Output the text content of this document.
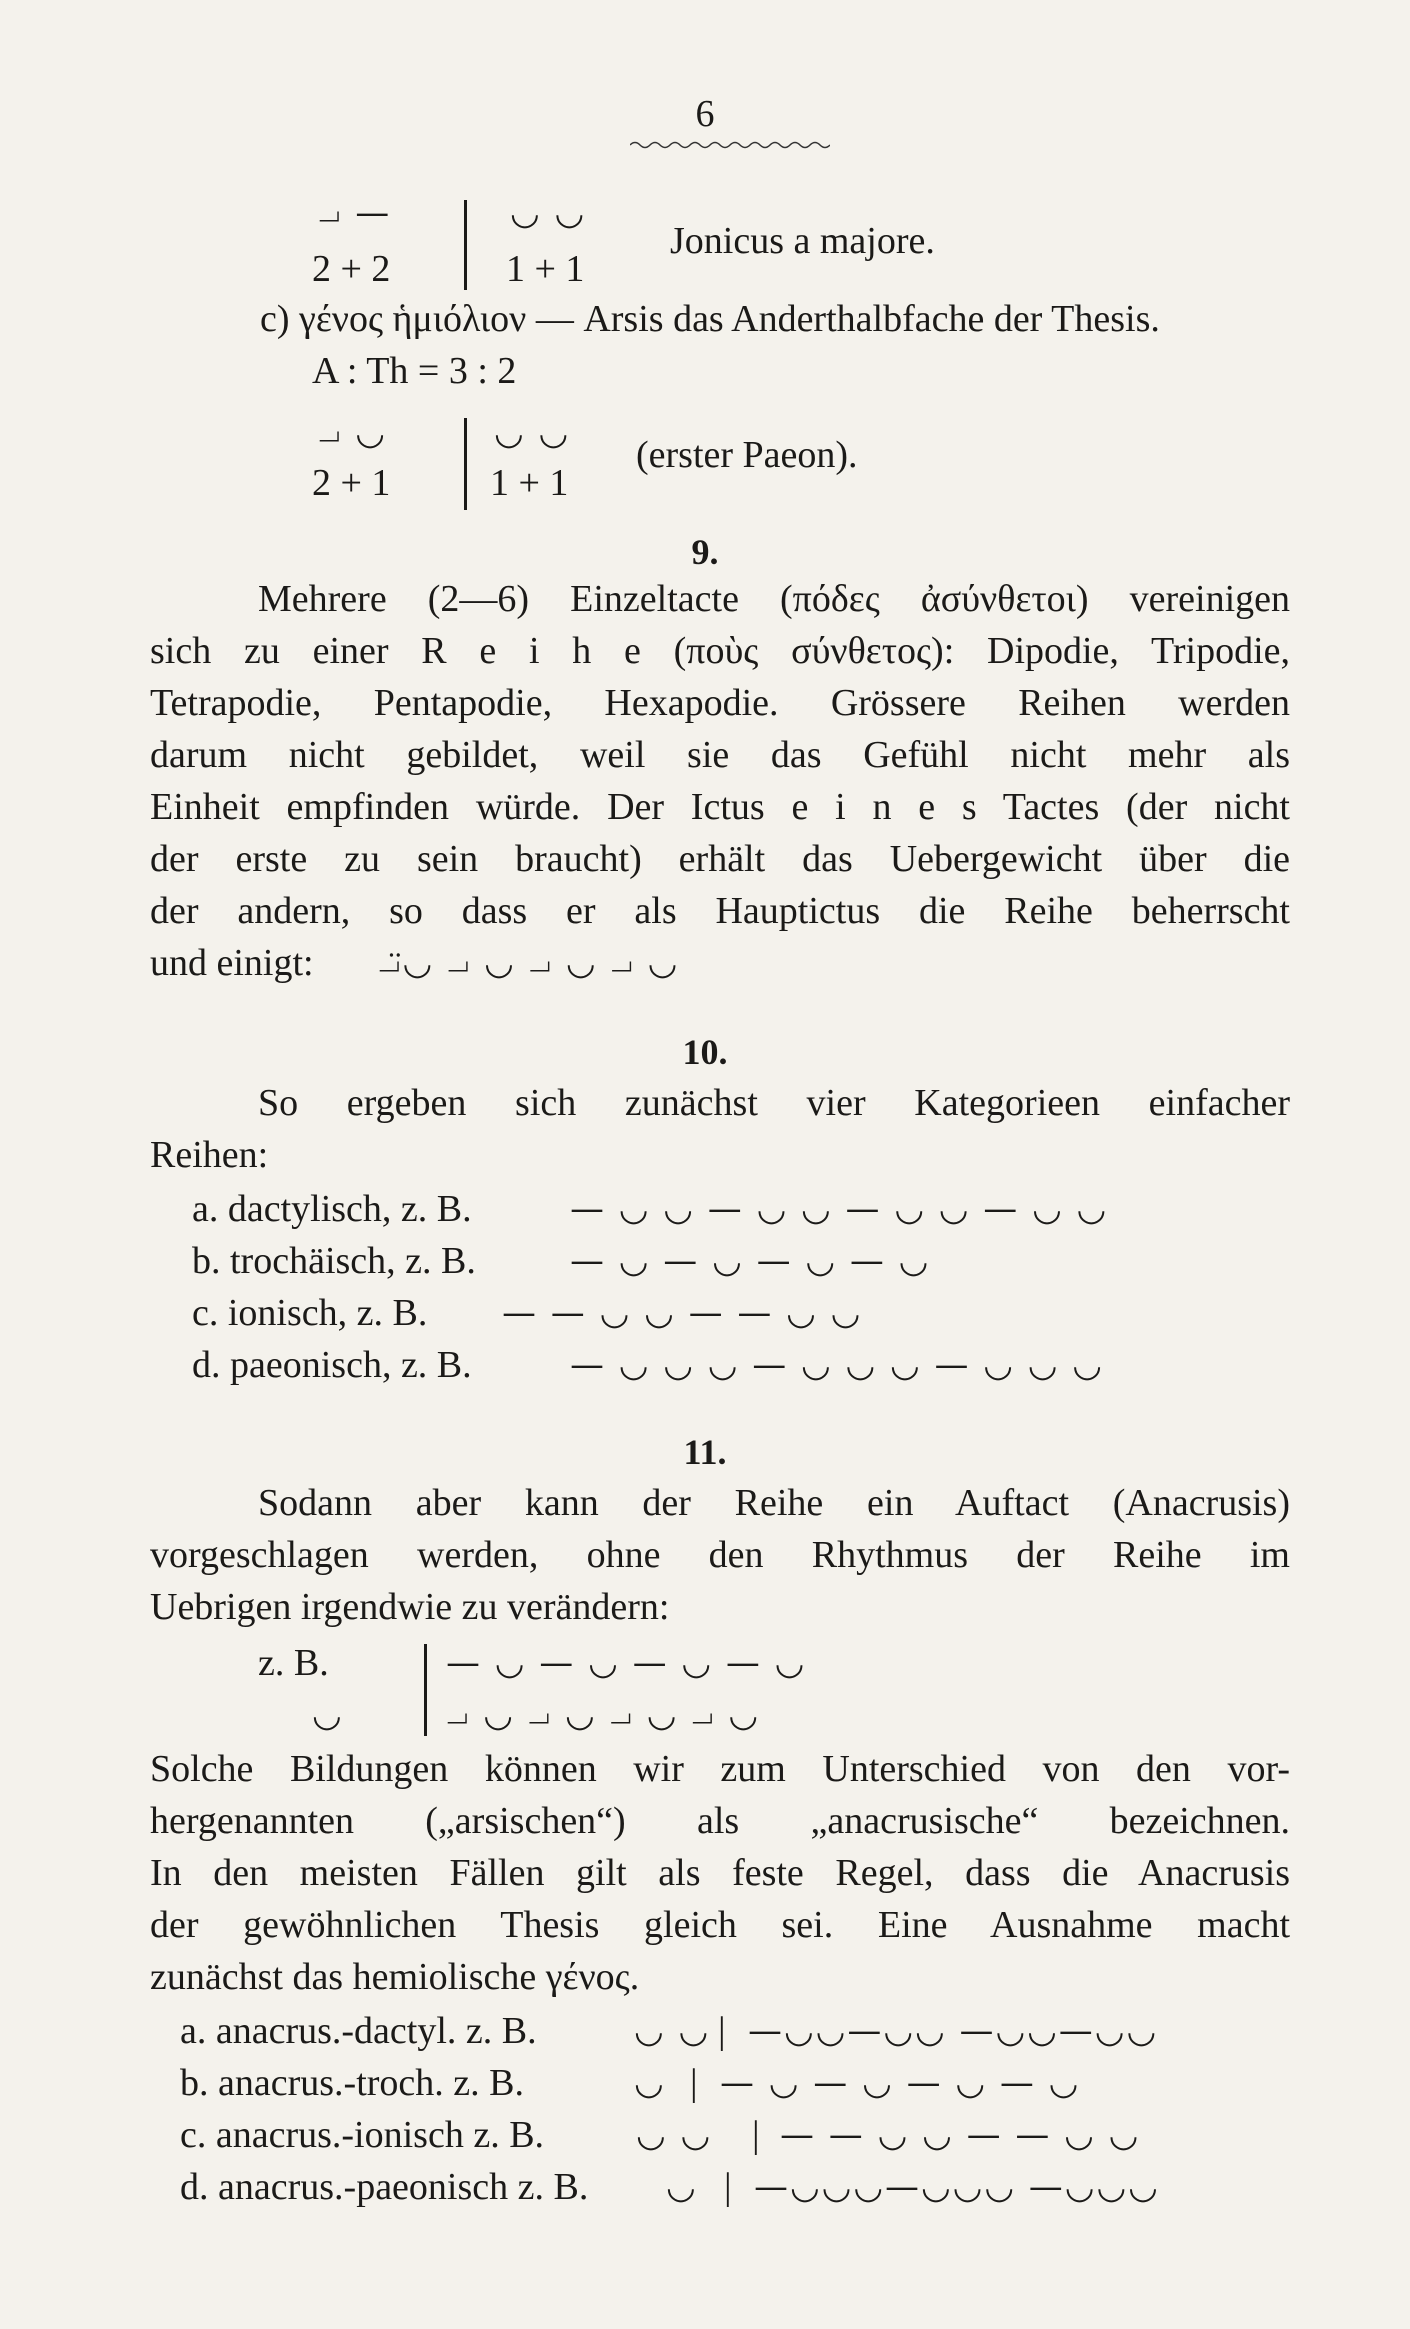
6
⏗ —
2 + 2
◡ ◡
1 + 1
Jonicus a majore.
c) γένος ἡμιόλιον — Arsis das Anderthalbfache der Thesis.
A : Th = 3 : 2
⏗ ◡
2 + 1
◡ ◡
1 + 1
(erster Paeon).
9.
Mehrere (2—6) Einzeltacte (πόδες ἀσύνθετοι) vereinigen
sich zu einer R e i h e (ποὺς σύνθετος): Dipodie, Tripodie,
Tetrapodie, Pentapodie, Hexapodie. Grössere Reihen werden
darum nicht gebildet, weil sie das Gefühl nicht mehr als
Einheit empfinden würde. Der Ictus e i n e s Tactes (der nicht
der erste zu sein braucht) erhält das Uebergewicht über die
der andern, so dass er als Hauptictus die Reihe beherrscht
und einigt: ⏗̈◡ ⏗ ◡ ⏗ ◡ ⏗ ◡
10.
So ergeben sich zunächst vier Kategorieen einfacher
Reihen:
a. dactylisch, z. B.	— ◡ ◡ — ◡ ◡ — ◡ ◡ — ◡ ◡
b. trochäisch, z. B.	— ◡ — ◡ — ◡ — ◡
c. ionisch, z. B. — — ◡ ◡ — — ◡ ◡
d. paeonisch, z. B.	— ◡ ◡ ◡ — ◡ ◡ ◡ — ◡ ◡ ◡
11.
Sodann aber kann der Reihe ein Auftact (Anacrusis)
vorgeschlagen werden, ohne den Rhythmus der Reihe im
Uebrigen irgendwie zu verändern:
z. B.	— ◡ — ◡ — ◡ — ◡
◡	⏗ ◡ ⏗ ◡ ⏗ ◡ ⏗ ◡
Solche Bildungen können wir zum Unterschied von den vor-
hergenannten („arsischen“) als „anacrusische“ bezeichnen.
In den meisten Fällen gilt als feste Regel, dass die Anacrusis
der gewöhnlichen Thesis gleich sei. Eine Ausnahme macht
zunächst das hemiolische γένος.
a. anacrus.-dactyl. z. B.	◡ ◡ | —◡◡—◡◡ —◡◡—◡◡
b. anacrus.-troch. z. B.	◡ | — ◡ — ◡ — ◡ — ◡
c. anacrus.-ionisch z. B.	◡ ◡ | — — ◡ ◡ — — ◡ ◡
d. anacrus.-paeonisch z. B. ◡ | —◡◡◡—◡◡◡ —◡◡◡
